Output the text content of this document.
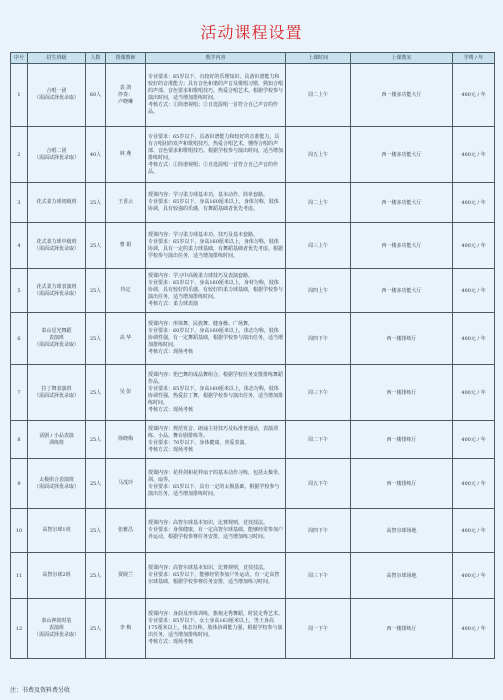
活动课程设置
序号	招生班级	人数	授课教师	教学内容	上课时间	上课教室	学费 / 年
1	合唱一团
（需面试择优录取）	60人	袁 鸽
伴奏：
卢晓琳	专业要求：65岁以下，有较好的乐理知识，具备识谱能力和较好的音准能力；具有音色和谐的声音及歌唱习惯，熟知合唱的声部、音色要求和歌唱技巧，热爱合唱艺术。根据学校参与演出时间，适当增加排练时间。
考核方式：①简谱视唱；②自选混唱一首符合自己声音的作品。	周二上午	西一楼多功能大厅	400元 / 年
2	合唱二团
（需面试择优录取）	40人	林 燕	专业要求：65岁以下，具备识谱能力和较好的音准能力，具有合唱团的发声和歌唱技巧，热爱合唱艺术，懂得合唱的声部、音色要求和歌唱技巧。根据学校参与演出时间，适当增加排练时间。
考核方式：①简谱视唱；②自选混唱一首符合自己声音的作品。	周五上午	西一楼多功能大厅	400元 / 年
3	花式柔力球初级班	25人	王香云	授课内容：学习柔力球基本功，基本动作、简单套路。
专业要求：65岁以下，身高160厘米以上，身体匀称，肢体协调，具有较强的乐感，有舞蹈基础者优先考虑。	周二上午	西一楼多功能大厅	400元 / 年
4	花式柔力球中级班
（需面试择优录取）	25人	曹 娟	授课内容：学习柔力球基本功、技巧及基本套路。
专业要求：65岁以下，身高160厘米以上，身体匀称，肢体协调，具有一定的柔力球基础，有舞蹈基础者优先考虑。根据学校参与演出任务，适当增加排练时间。	周三上午	西一楼多功能大厅	400元 / 年
5	花式柔力球表演班
（需面试择优录取）	25人	待定	授课内容：学习中高级柔力球技巧及表演套路。
专业要求：65岁以下，身高160厘米以上，身材匀称，肢体协调，具有较好的乐感，有较好的柔力球基础，根据学校参与演出任务，适当增加排练时间。
考核方式：柔力球表演	周四上午	西一楼多功能大厅	400元 / 年
6	泰山星光舞蹈
表演班
（需面试择优录取）	25人	高 华	授课内容：形体舞、民族舞、健身操、广场舞。
专业要求：60岁以下，身高160厘米以上，体态匀称，肢体协调性强，有一定舞蹈基础，根据学校参与演出任务，适当增加排练时间。
考核方式：现场考核	周四下午	西一楼排练厅	400元 / 年
7	拉丁舞表演班
（需面试择优录取）	25人	吴 彭	授课内容：伦巴舞的成品舞组合，根据学校任务安排排练舞蹈作品。
专业要求：65岁以下，身高160厘米以上，体态匀称，肢体协调性强，热爱拉丁舞，根据学校参与演出任务，适当增加排练时间。
考核方式：现场考核	周三下午	西一楼排练厅	400元 / 年
8	话剧 / 小品表演
训练班	25人	徐晓梅	授课内容：规范发音、朗诵主持技巧及标准普通话，表演训练、小品、舞台剧排练等。
专业要求：70岁以下，身体健康，喜爱表演。
考核方式：现场考核	周二下午	西一楼排练厅	400元 / 年
9	太极组合表演班
（需面试择优录取）	25人	马茂玲	授课内容：花样剑和花样扇子的基本动作习练，包括太极拳，剑、扇等。
专业要求：65岁以下，具有一定的太极基础，根据学校参与演出任务，适当增加排练时间。	周五下午	西一楼排练厅	400元 / 年
10	高智尔球1班	25人	张雅昌	授课内容：高智尔球基本知识，比赛规则，竞技技法。
专业要求：身体健康，有一定高智尔球基础，能够经常参加户外运动，根据学校参赛任务安排，适当增加练习时间。	周四下午	高智尔球场地	400元 / 年
11	高智尔球2班	25人	贾砚兰	授课内容：高智尔球基本知识，比赛规则，竞技技法。
专业要求：65岁以下，能够经常参加户外运动，有一定高智尔球基础，根据学校参赛任务安排，适当增加练习时间。	周三下午	高智尔球场地	400元 / 年
12	泰山神韵时装
表演班
（需面试择优录取）	25人	李 梅	授课内容：身韵及形体训练，旗袍走秀舞蹈，时装走秀艺术。
专业要求：65岁以下，女士身高163厘米以上，男士身高175厘米以上，体态匀称，肢体协调能力强，根据学校参与演出任务，适当增加排练时间。
考核方式：现场考核	周一下午	西一楼排练厅	400元 / 年
注：书费及资料费另收
